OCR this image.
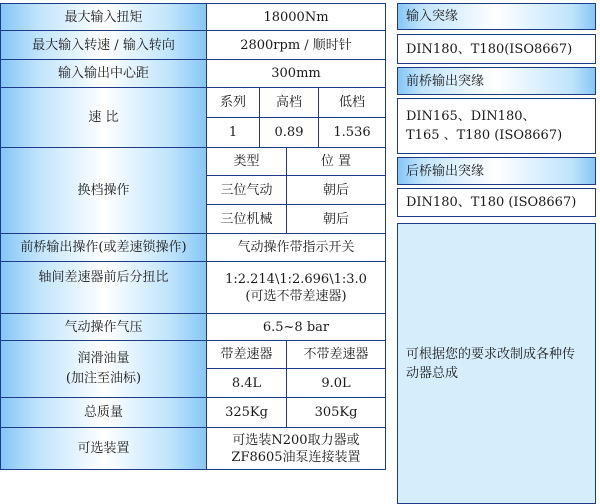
最大输入扭矩	18000Nm			
最大输入转速 / 输入转向	2800rpm / 顺时针			
输入输出中心距	300mm			
速 比	系列	高档		低档
	1	0.89		1.536
换档操作	类型		位 置	
	三位气动		朝后	
	三位机械		朝后	
前桥输出操作(或差速锁操作)	气动操作带指示开关			
轴间差速器前后分扭比	1:2.214\1:2.696\1:3.0
(可选不带差速器)			
气动操作气压	6.5~8 bar			
润滑油量
(加注至油标)	带差速器		不带差速器	
	8.4L		9.0L	
总质量	325Kg		305Kg	
可选装置	可选装N200取力器或
ZF8605油泵连接装置			
输入突缘
DIN180、T180(ISO8667)
前桥输出突缘
DIN165、DIN180、
T165 、T180 (ISO8667)
后桥输出突缘
DIN180、T180 (ISO8667)
可根据您的要求改制成各种传动器总成
